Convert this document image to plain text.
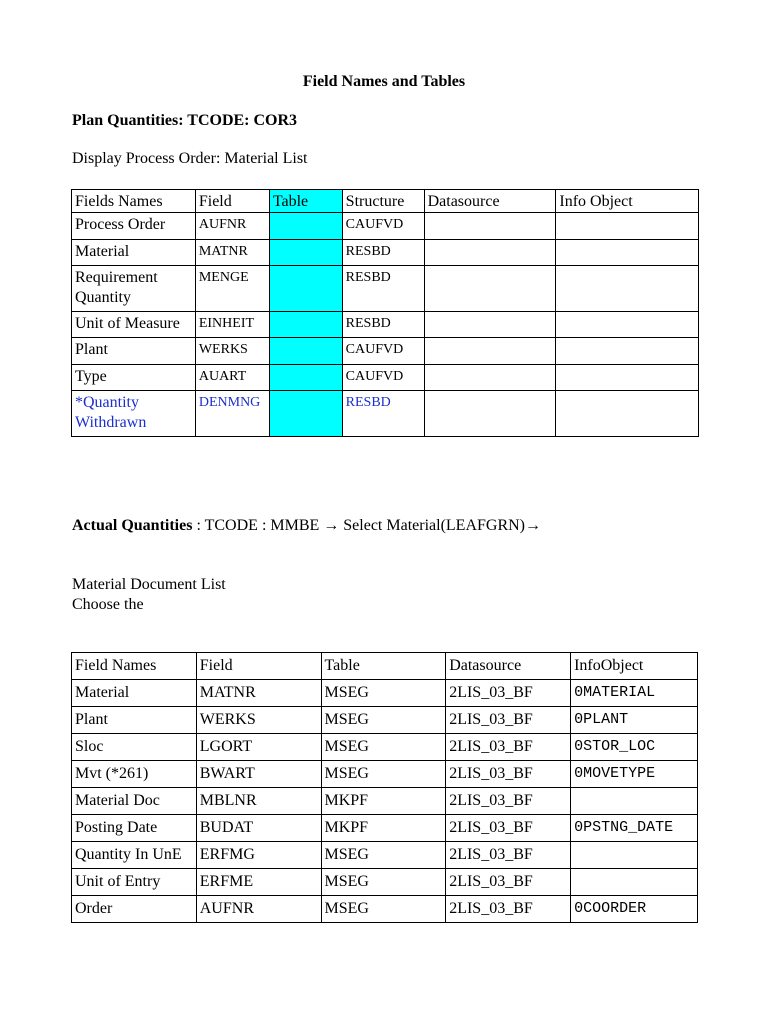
Field Names and Tables
Plan Quantities: TCODE: COR3
Display Process Order: Material List
Fields Names	Field	Table	Structure	Datasource	Info Object
Process Order	AUFNR		CAUFVD		
Material	MATNR		RESBD		
Requirement Quantity	MENGE		RESBD		
Unit of Measure	EINHEIT		RESBD		
Plant	WERKS		CAUFVD		
Type	AUART		CAUFVD		
*Quantity Withdrawn	DENMNG		RESBD		
Actual Quantities : TCODE : MMBE → Select Material(LEAFGRN)→
Material Document List
Choose the
Field Names	Field	Table	Datasource	InfoObject
Material	MATNR	MSEG	2LIS_03_BF	0MATERIAL
Plant	WERKS	MSEG	2LIS_03_BF	0PLANT
Sloc	LGORT	MSEG	2LIS_03_BF	0STOR_LOC
Mvt (*261)	BWART	MSEG	2LIS_03_BF	0MOVETYPE
Material Doc	MBLNR	MKPF	2LIS_03_BF	
Posting Date	BUDAT	MKPF	2LIS_03_BF	0PSTNG_DATE
Quantity In UnE	ERFMG	MSEG	2LIS_03_BF	
Unit of Entry	ERFME	MSEG	2LIS_03_BF	
Order	AUFNR	MSEG	2LIS_03_BF	0COORDER
